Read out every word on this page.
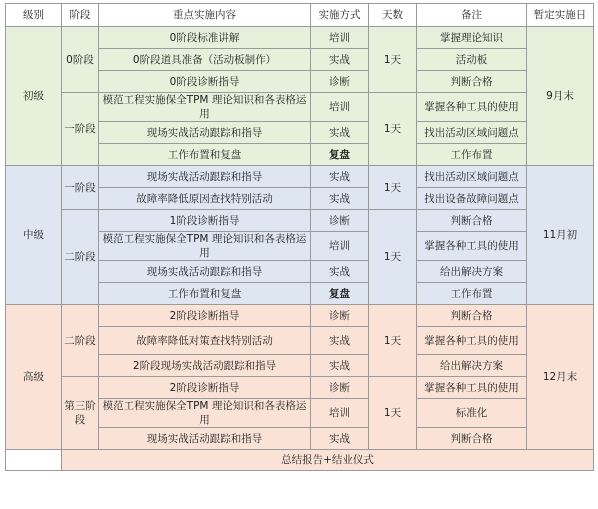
级别	阶段	重点实施内容	实施方式	天数	备注	暂定实施日
初级	0阶段	0阶段标准讲解	培训	1天	掌握理论知识	9月末
		0阶段道具准备（活动板制作）	实战		活动板	
		0阶段诊断指导	诊断		判断合格	
	一阶段	模范工程实施保全TPM 理论知识和各表格运用	培训	1天	掌握各种工具的使用	
		现场实战活动跟踪和指导	实战		找出活动区域问题点	
		工作布置和复盘	复盘		工作布置	
中级	一阶段	现场实战活动跟踪和指导	实战	1天	找出活动区域问题点	11月初
		故障率降低原因查找特别活动	实战		找出设备故障问题点	
	二阶段	1阶段诊断指导	诊断	1天	判断合格	
		模范工程实施保全TPM 理论知识和各表格运用	培训		掌握各种工具的使用	
		现场实战活动跟踪和指导	实战		给出解决方案	
		工作布置和复盘	复盘		工作布置	
高级	二阶段	2阶段诊断指导	诊断	1天	判断合格	12月末
		故障率降低对策查找特别活动	实战		掌握各种工具的使用	
		2阶段现场实战活动跟踪和指导	实战		给出解决方案	
	第三阶段	2阶段诊断指导	诊断	1天	掌握各种工具的使用	
		模范工程实施保全TPM 理论知识和各表格运用	培训		标准化	
		现场实战活动跟踪和指导	实战		判断合格	
	总结报告+结业仪式					
